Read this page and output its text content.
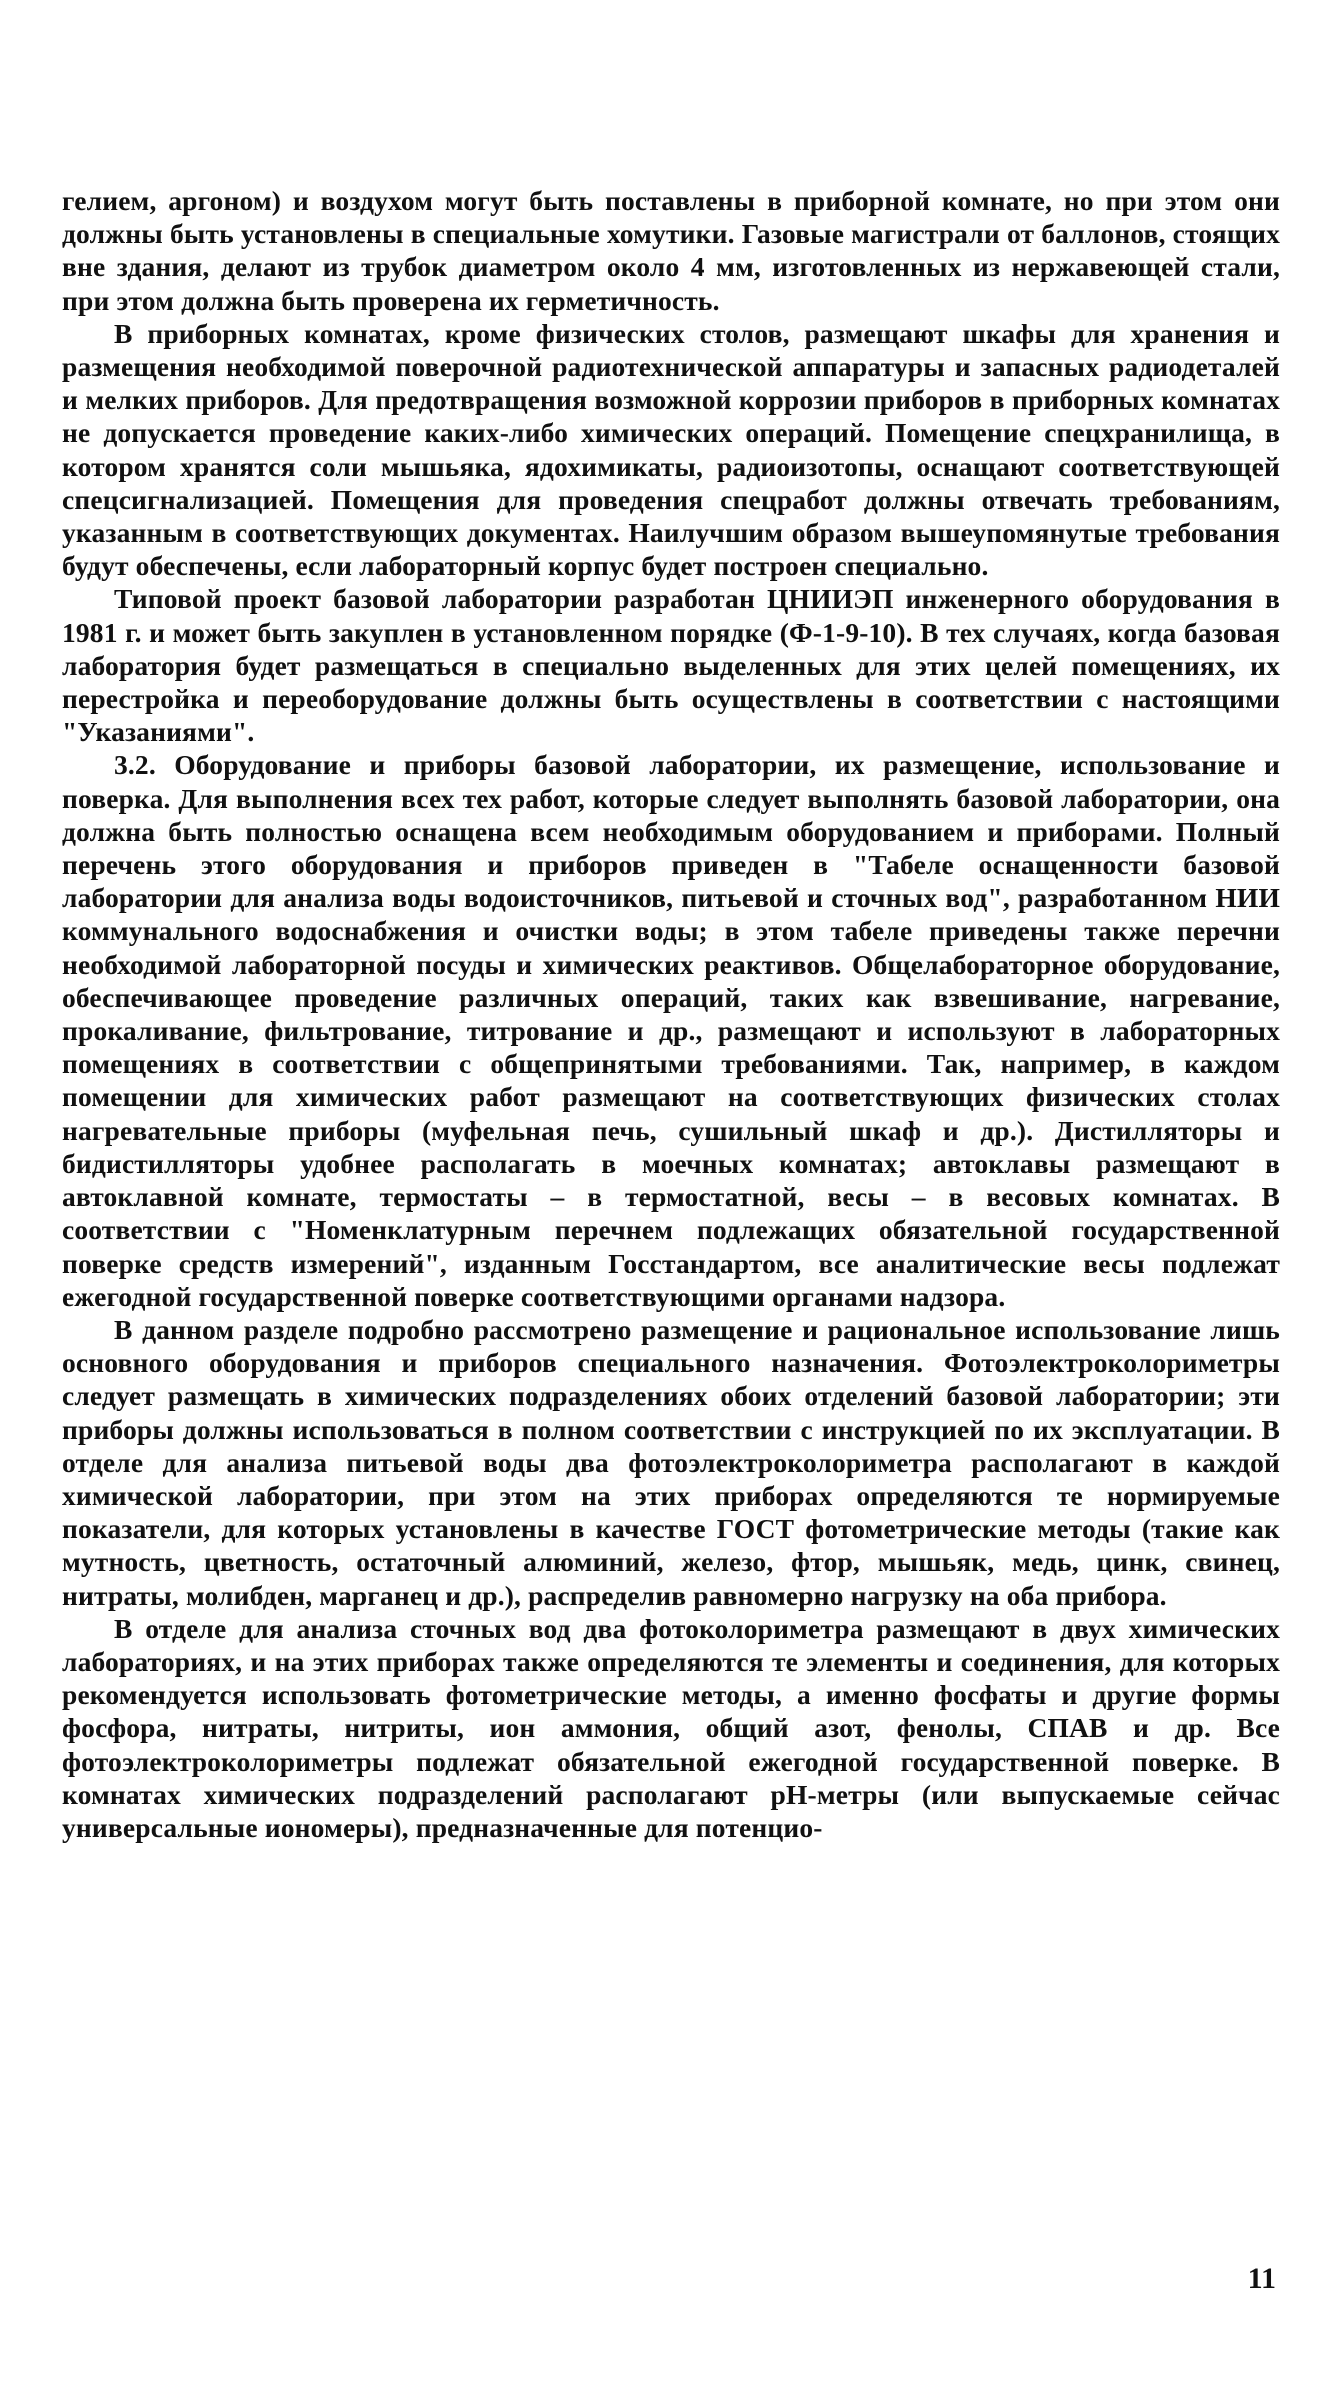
гелием, аргоном) и воздухом могут быть поставлены в приборной комнате, но при этом они должны быть установлены в специальные хомутики. Газовые магистрали от баллонов, стоящих вне здания, делают из трубок диаметром около 4 мм, изготовленных из нержавеющей стали, при этом должна быть проверена их герметичность.

В приборных комнатах, кроме физических столов, размещают шкафы для хранения и размещения необходимой поверочной радиотехнической аппаратуры и запасных радиодеталей и мелких приборов. Для предотвращения возможной коррозии приборов в приборных комнатах не допускается проведение каких-либо химических операций. Помещение спецхранилища, в котором хранятся соли мышьяка, ядохимикаты, радиоизотопы, оснащают соответствующей спецсигнализацией. Помещения для проведения спецработ должны отвечать требованиям, указанным в соответствующих документах. Наилучшим образом вышеупомянутые требования будут обеспечены, если лабораторный корпус будет построен специально.

Типовой проект базовой лаборатории разработан ЦНИИЭП инженерного оборудования в 1981 г. и может быть закуплен в установленном порядке (Ф-1-9-10). В тех случаях, когда базовая лаборатория будет размещаться в специально выделенных для этих целей помещениях, их перестройка и переоборудование должны быть осуществлены в соответствии с настоящими "Указаниями".

3.2. Оборудование и приборы базовой лаборатории, их размещение, использование и поверка. Для выполнения всех тех работ, которые следует выполнять базовой лаборатории, она должна быть полностью оснащена всем необходимым оборудованием и приборами. Полный перечень этого оборудования и приборов приведен в "Табеле оснащенности базовой лаборатории для анализа воды водоисточников, питьевой и сточных вод", разработанном НИИ коммунального водоснабжения и очистки воды; в этом табеле приведены также перечни необходимой лабораторной посуды и химических реактивов. Общелабораторное оборудование, обеспечивающее проведение различных операций, таких как взвешивание, нагревание, прокаливание, фильтрование, титрование и др., размещают и используют в лабораторных помещениях в соответствии с общепринятыми требованиями. Так, например, в каждом помещении для химических работ размещают на соответствующих физических столах нагревательные приборы (муфельная печь, сушильный шкаф и др.). Дистилляторы и бидистилляторы удобнее располагать в моечных комнатах; автоклавы размещают в автоклавной комнате, термостаты – в термостатной, весы – в весовых комнатах. В соответствии с "Номенклатурным перечнем подлежащих обязательной государственной поверке средств измерений", изданным Госстандартом, все аналитические весы подлежат ежегодной государственной поверке соответствующими органами надзора.

В данном разделе подробно рассмотрено размещение и рациональное использование лишь основного оборудования и приборов специального назначения. Фотоэлектроколориметры следует размещать в химических подразделениях обоих отделений базовой лаборатории; эти приборы должны использоваться в полном соответствии с инструкцией по их эксплуатации. В отделе для анализа питьевой воды два фотоэлектроколориметра располагают в каждой химической лаборатории, при этом на этих приборах определяются те нормируемые показатели, для которых установлены в качестве ГОСТ фотометрические методы (такие как мутность, цветность, остаточный алюминий, железо, фтор, мышьяк, медь, цинк, свинец, нитраты, молибден, марганец и др.), распределив равномерно нагрузку на оба прибора.

В отделе для анализа сточных вод два фотоколориметра размещают в двух химических лабораториях, и на этих приборах также определяются те элементы и соединения, для которых рекомендуется использовать фотометрические методы, а именно фосфаты и другие формы фосфора, нитраты, нитриты, ион аммония, общий азот, фенолы, СПАВ и др. Все фотоэлектроколориметры подлежат обязательной ежегодной государственной поверке. В комнатах химических подразделений располагают рН-метры (или выпускаемые сейчас универсальные иономеры), предназначенные для потенцио-

11
